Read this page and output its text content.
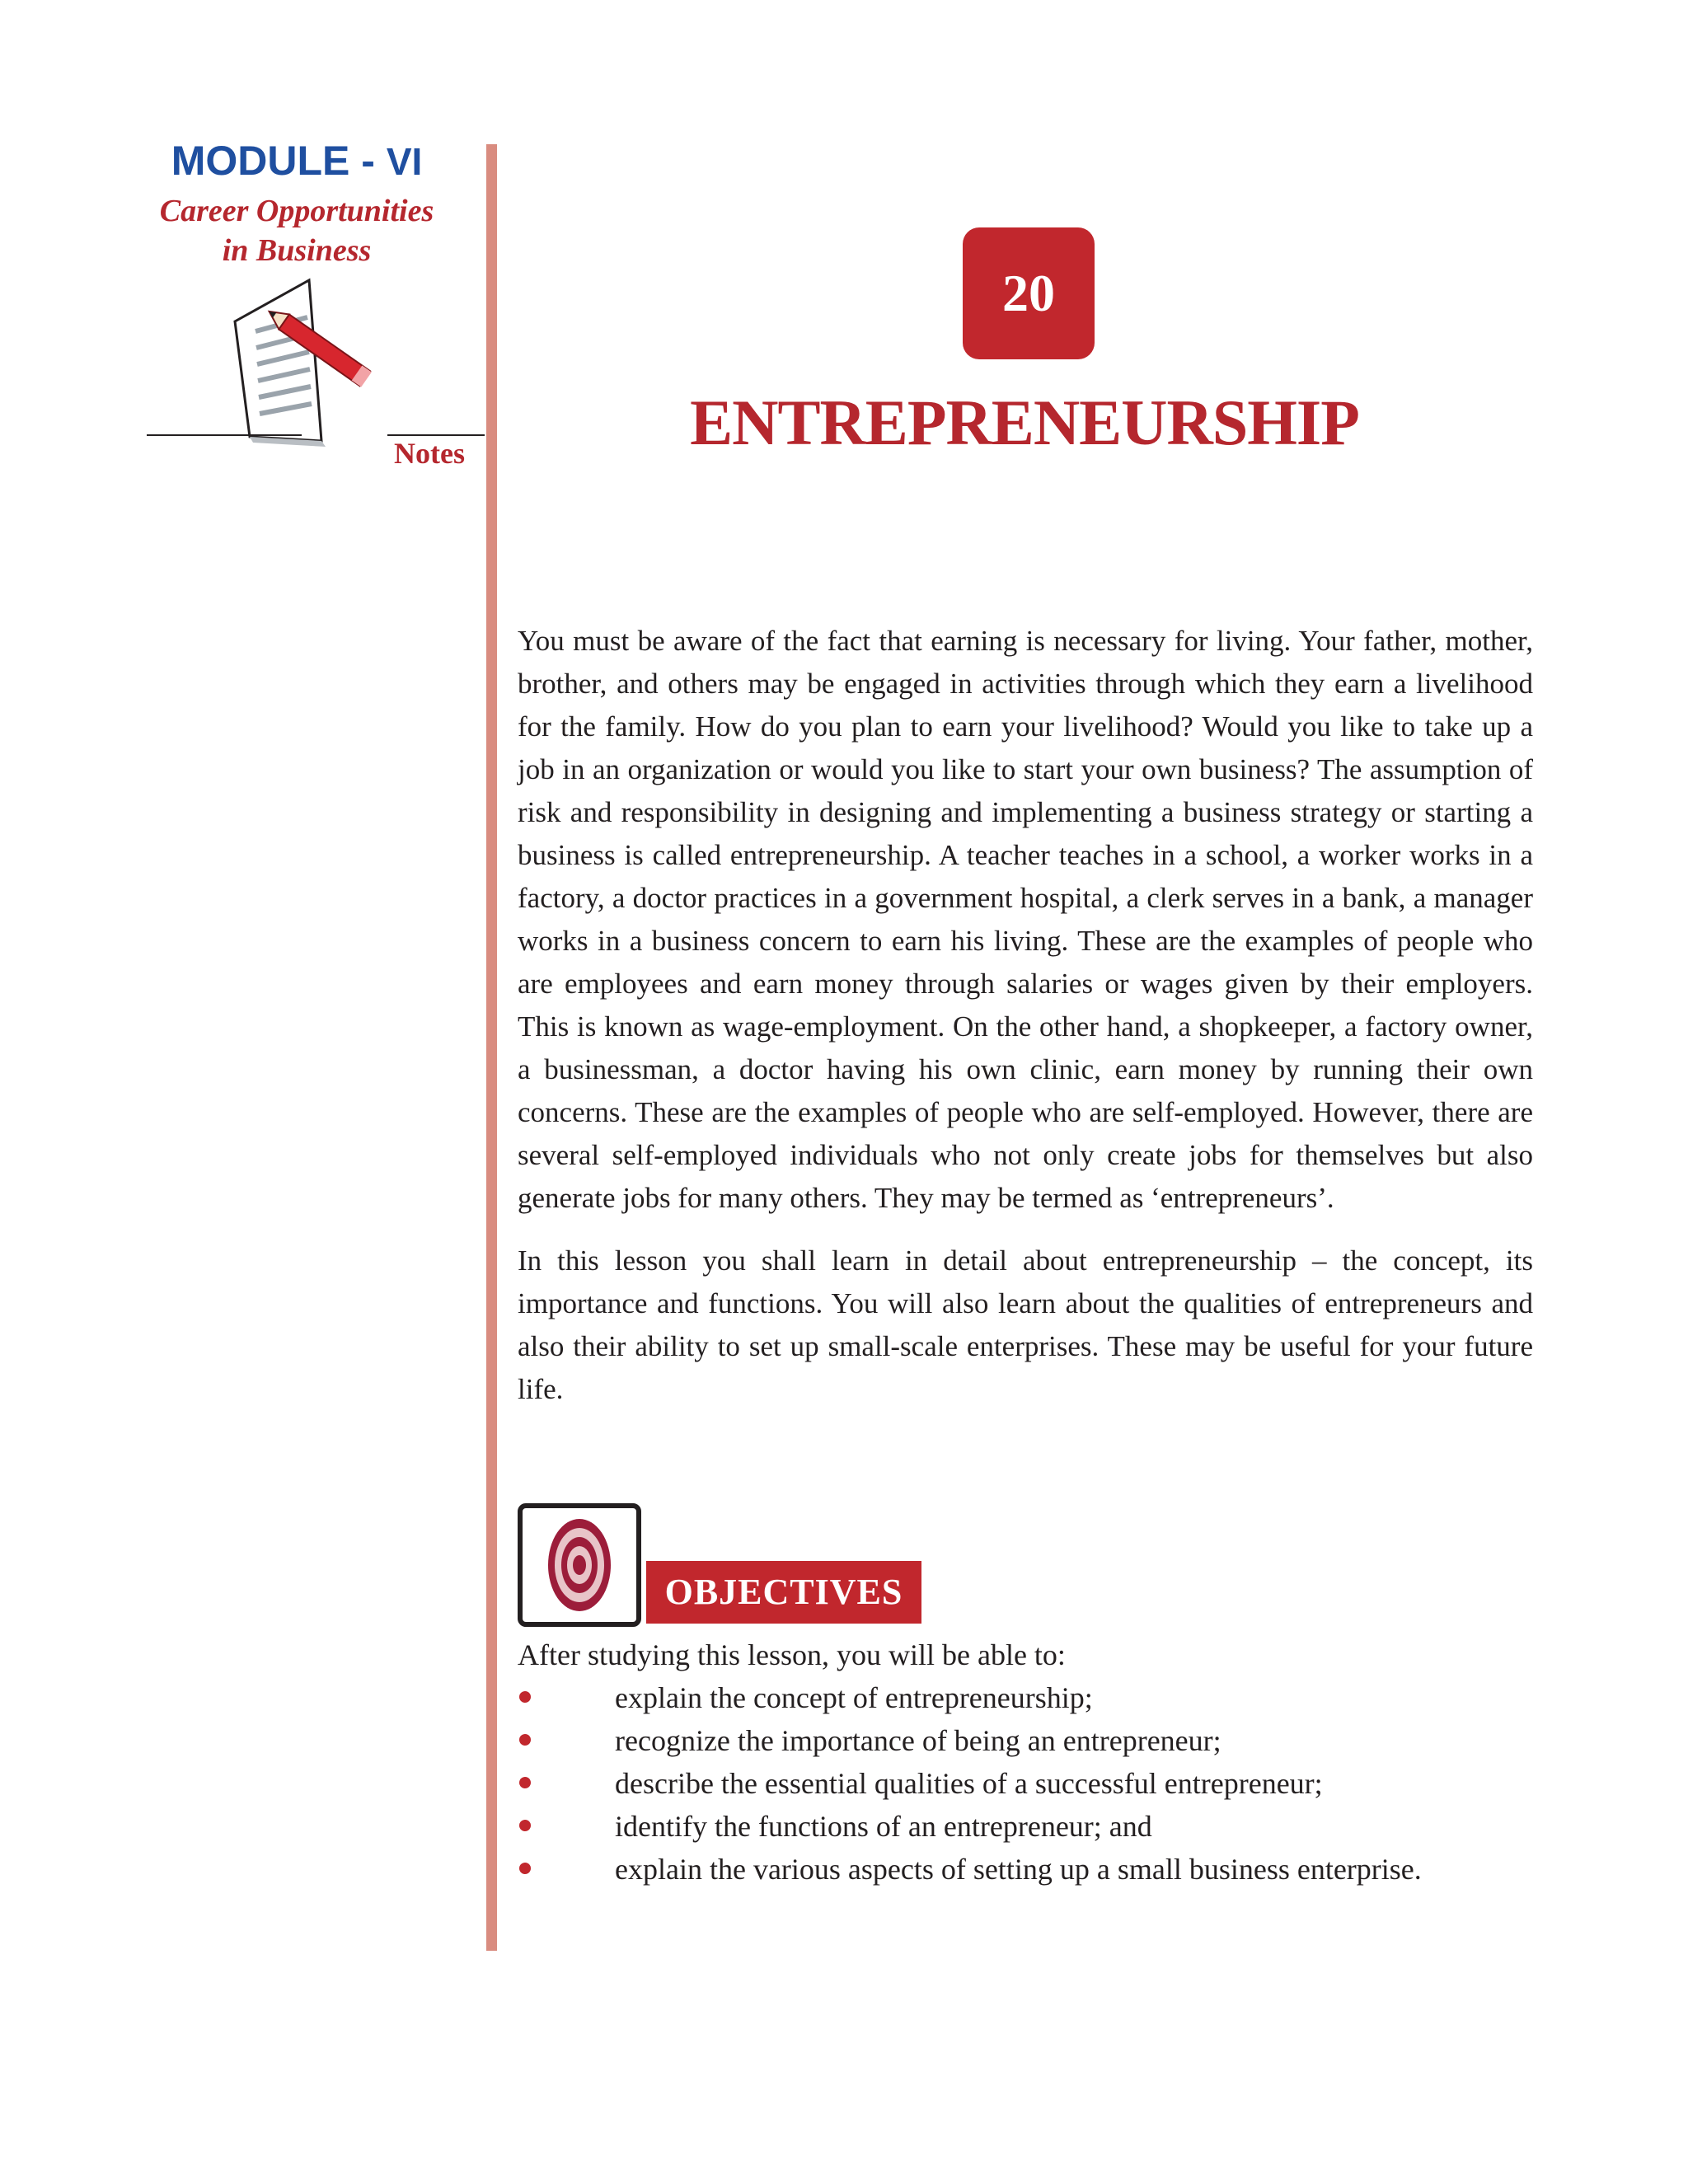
MODULE - VI
Career Opportunities
in Business
Notes
20
ENTREPRENEURSHIP

You must be aware of the fact that earning is necessary for living. Your father, mother, brother, and others may be engaged in activities through which they earn a livelihood for the family. How do you plan to earn your livelihood? Would you like to take up a job in an organization or would you like to start your own business? The assumption of risk and responsibility in designing and implementing a business strategy or starting a business is called entrepreneurship. A teacher teaches in a school, a worker works in a factory, a doctor practices in a government hospital, a clerk serves in a bank, a manager works in a business concern to earn his living. These are the examples of people who are employees and earn money through salaries or wages given by their employers. This is known as wage-employment. On the other hand, a shopkeeper, a factory owner, a businessman, a doctor having his own clinic, earn money by running their own concerns. These are the examples of people who are self-employed. However, there are several self-employed individuals who not only create jobs for themselves but also generate jobs for many others. They may be termed as ‘entrepreneurs’.

In this lesson you shall learn in detail about entrepreneurship – the concept, its importance and functions. You will also learn about the qualities of entrepreneurs and also their ability to set up small-scale enterprises. These may be useful for your future life.

OBJECTIVES
After studying this lesson, you will be able to:
explain the concept of entrepreneurship;
recognize the importance of being an entrepreneur;
describe the essential qualities of a successful entrepreneur;
identify the functions of an entrepreneur; and
explain the various aspects of setting up a small business enterprise.
